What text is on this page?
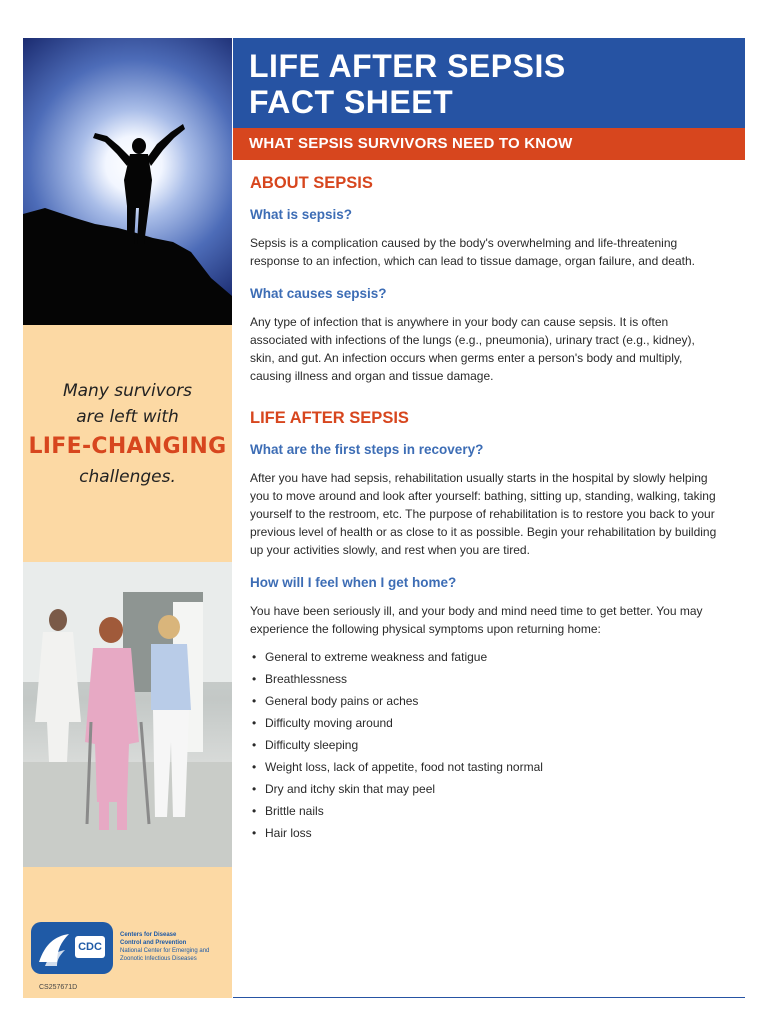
Many survivors
are left with
LIFE-CHANGING
challenges.
CDC
Centers for Disease
Control and Prevention
National Center for Emerging and
Zoonotic Infectious Diseases
CS257671D
LIFE AFTER SEPSIS
FACT SHEET
WHAT SEPSIS SURVIVORS NEED TO KNOW
ABOUT SEPSIS
What is sepsis?
Sepsis is a complication caused by the body's overwhelming and life-threatening response to an infection, which can lead to tissue damage, organ failure, and death.
What causes sepsis?
Any type of infection that is anywhere in your body can cause sepsis. It is often associated with infections of the lungs (e.g., pneumonia), urinary tract (e.g., kidney), skin, and gut. An infection occurs when germs enter a person's body and multiply, causing illness and organ and tissue damage.
LIFE AFTER SEPSIS
What are the first steps in recovery?
After you have had sepsis, rehabilitation usually starts in the hospital by slowly helping you to move around and look after yourself: bathing, sitting up, standing, walking, taking yourself to the restroom, etc. The purpose of rehabilitation is to restore you back to your previous level of health or as close to it as possible. Begin your rehabilitation by building up your activities slowly, and rest when you are tired.
How will I feel when I get home?
You have been seriously ill, and your body and mind need time to get better. You may experience the following physical symptoms upon returning home:
• General to extreme weakness and fatigue
• Breathlessness
• General body pains or aches
• Difficulty moving around
• Difficulty sleeping
• Weight loss, lack of appetite, food not tasting normal
• Dry and itchy skin that may peel
• Brittle nails
• Hair loss
